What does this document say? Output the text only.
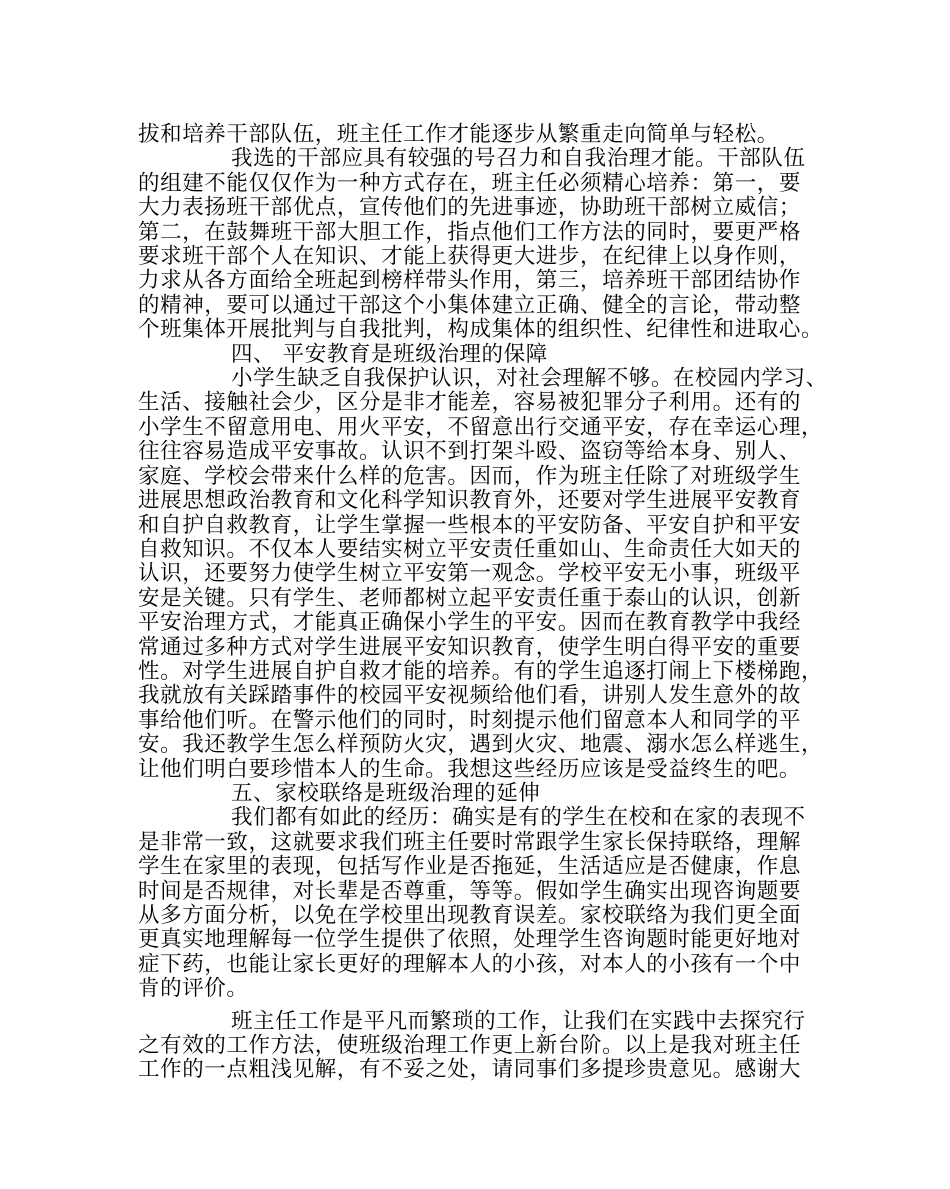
拔和培养干部队伍，班主任工作才能逐步从繁重走向简单与轻松。
我选的干部应具有较强的号召力和自我治理才能。干部队伍
的组建不能仅仅作为一种方式存在，班主任必须精心培养：第一，要
大力表扬班干部优点，宣传他们的先进事迹，协助班干部树立威信；
第二，在鼓舞班干部大胆工作，指点他们工作方法的同时，要更严格
要求班干部个人在知识、才能上获得更大进步，在纪律上以身作则，
力求从各方面给全班起到榜样带头作用，第三，培养班干部团结协作
的精神，要可以通过干部这个小集体建立正确、健全的言论，带动整
个班集体开展批判与自我批判，构成集体的组织性、纪律性和进取心。
四、 平安教育是班级治理的保障
小学生缺乏自我保护认识，对社会理解不够。在校园内学习、
生活、接触社会少，区分是非才能差，容易被犯罪分子利用。还有的
小学生不留意用电、用火平安，不留意出行交通平安，存在幸运心理，
往往容易造成平安事故。认识不到打架斗殴、盗窃等给本身、别人、
家庭、学校会带来什么样的危害。因而，作为班主任除了对班级学生
进展思想政治教育和文化科学知识教育外，还要对学生进展平安教育
和自护自救教育，让学生掌握一些根本的平安防备、平安自护和平安
自救知识。不仅本人要结实树立平安责任重如山、生命责任大如天的
认识，还要努力使学生树立平安第一观念。学校平安无小事，班级平
安是关键。只有学生、老师都树立起平安责任重于泰山的认识，创新
平安治理方式，才能真正确保小学生的平安。因而在教育教学中我经
常通过多种方式对学生进展平安知识教育，使学生明白得平安的重要
性。对学生进展自护自救才能的培养。有的学生追逐打闹上下楼梯跑，
我就放有关踩踏事件的校园平安视频给他们看，讲别人发生意外的故
事给他们听。在警示他们的同时，时刻提示他们留意本人和同学的平
安。我还教学生怎么样预防火灾，遇到火灾、地震、溺水怎么样逃生，
让他们明白要珍惜本人的生命。我想这些经历应该是受益终生的吧。
五、家校联络是班级治理的延伸
我们都有如此的经历：确实是有的学生在校和在家的表现不
是非常一致，这就要求我们班主任要时常跟学生家长保持联络，理解
学生在家里的表现，包括写作业是否拖延，生活适应是否健康，作息
时间是否规律，对长辈是否尊重，等等。假如学生确实出现咨询题要
从多方面分析，以免在学校里出现教育误差。家校联络为我们更全面
更真实地理解每一位学生提供了依照，处理学生咨询题时能更好地对
症下药，也能让家长更好的理解本人的小孩，对本人的小孩有一个中
肯的评价。
班主任工作是平凡而繁琐的工作，让我们在实践中去探究行
之有效的工作方法，使班级治理工作更上新台阶。以上是我对班主任
工作的一点粗浅见解，有不妥之处，请同事们多提珍贵意见。感谢大
